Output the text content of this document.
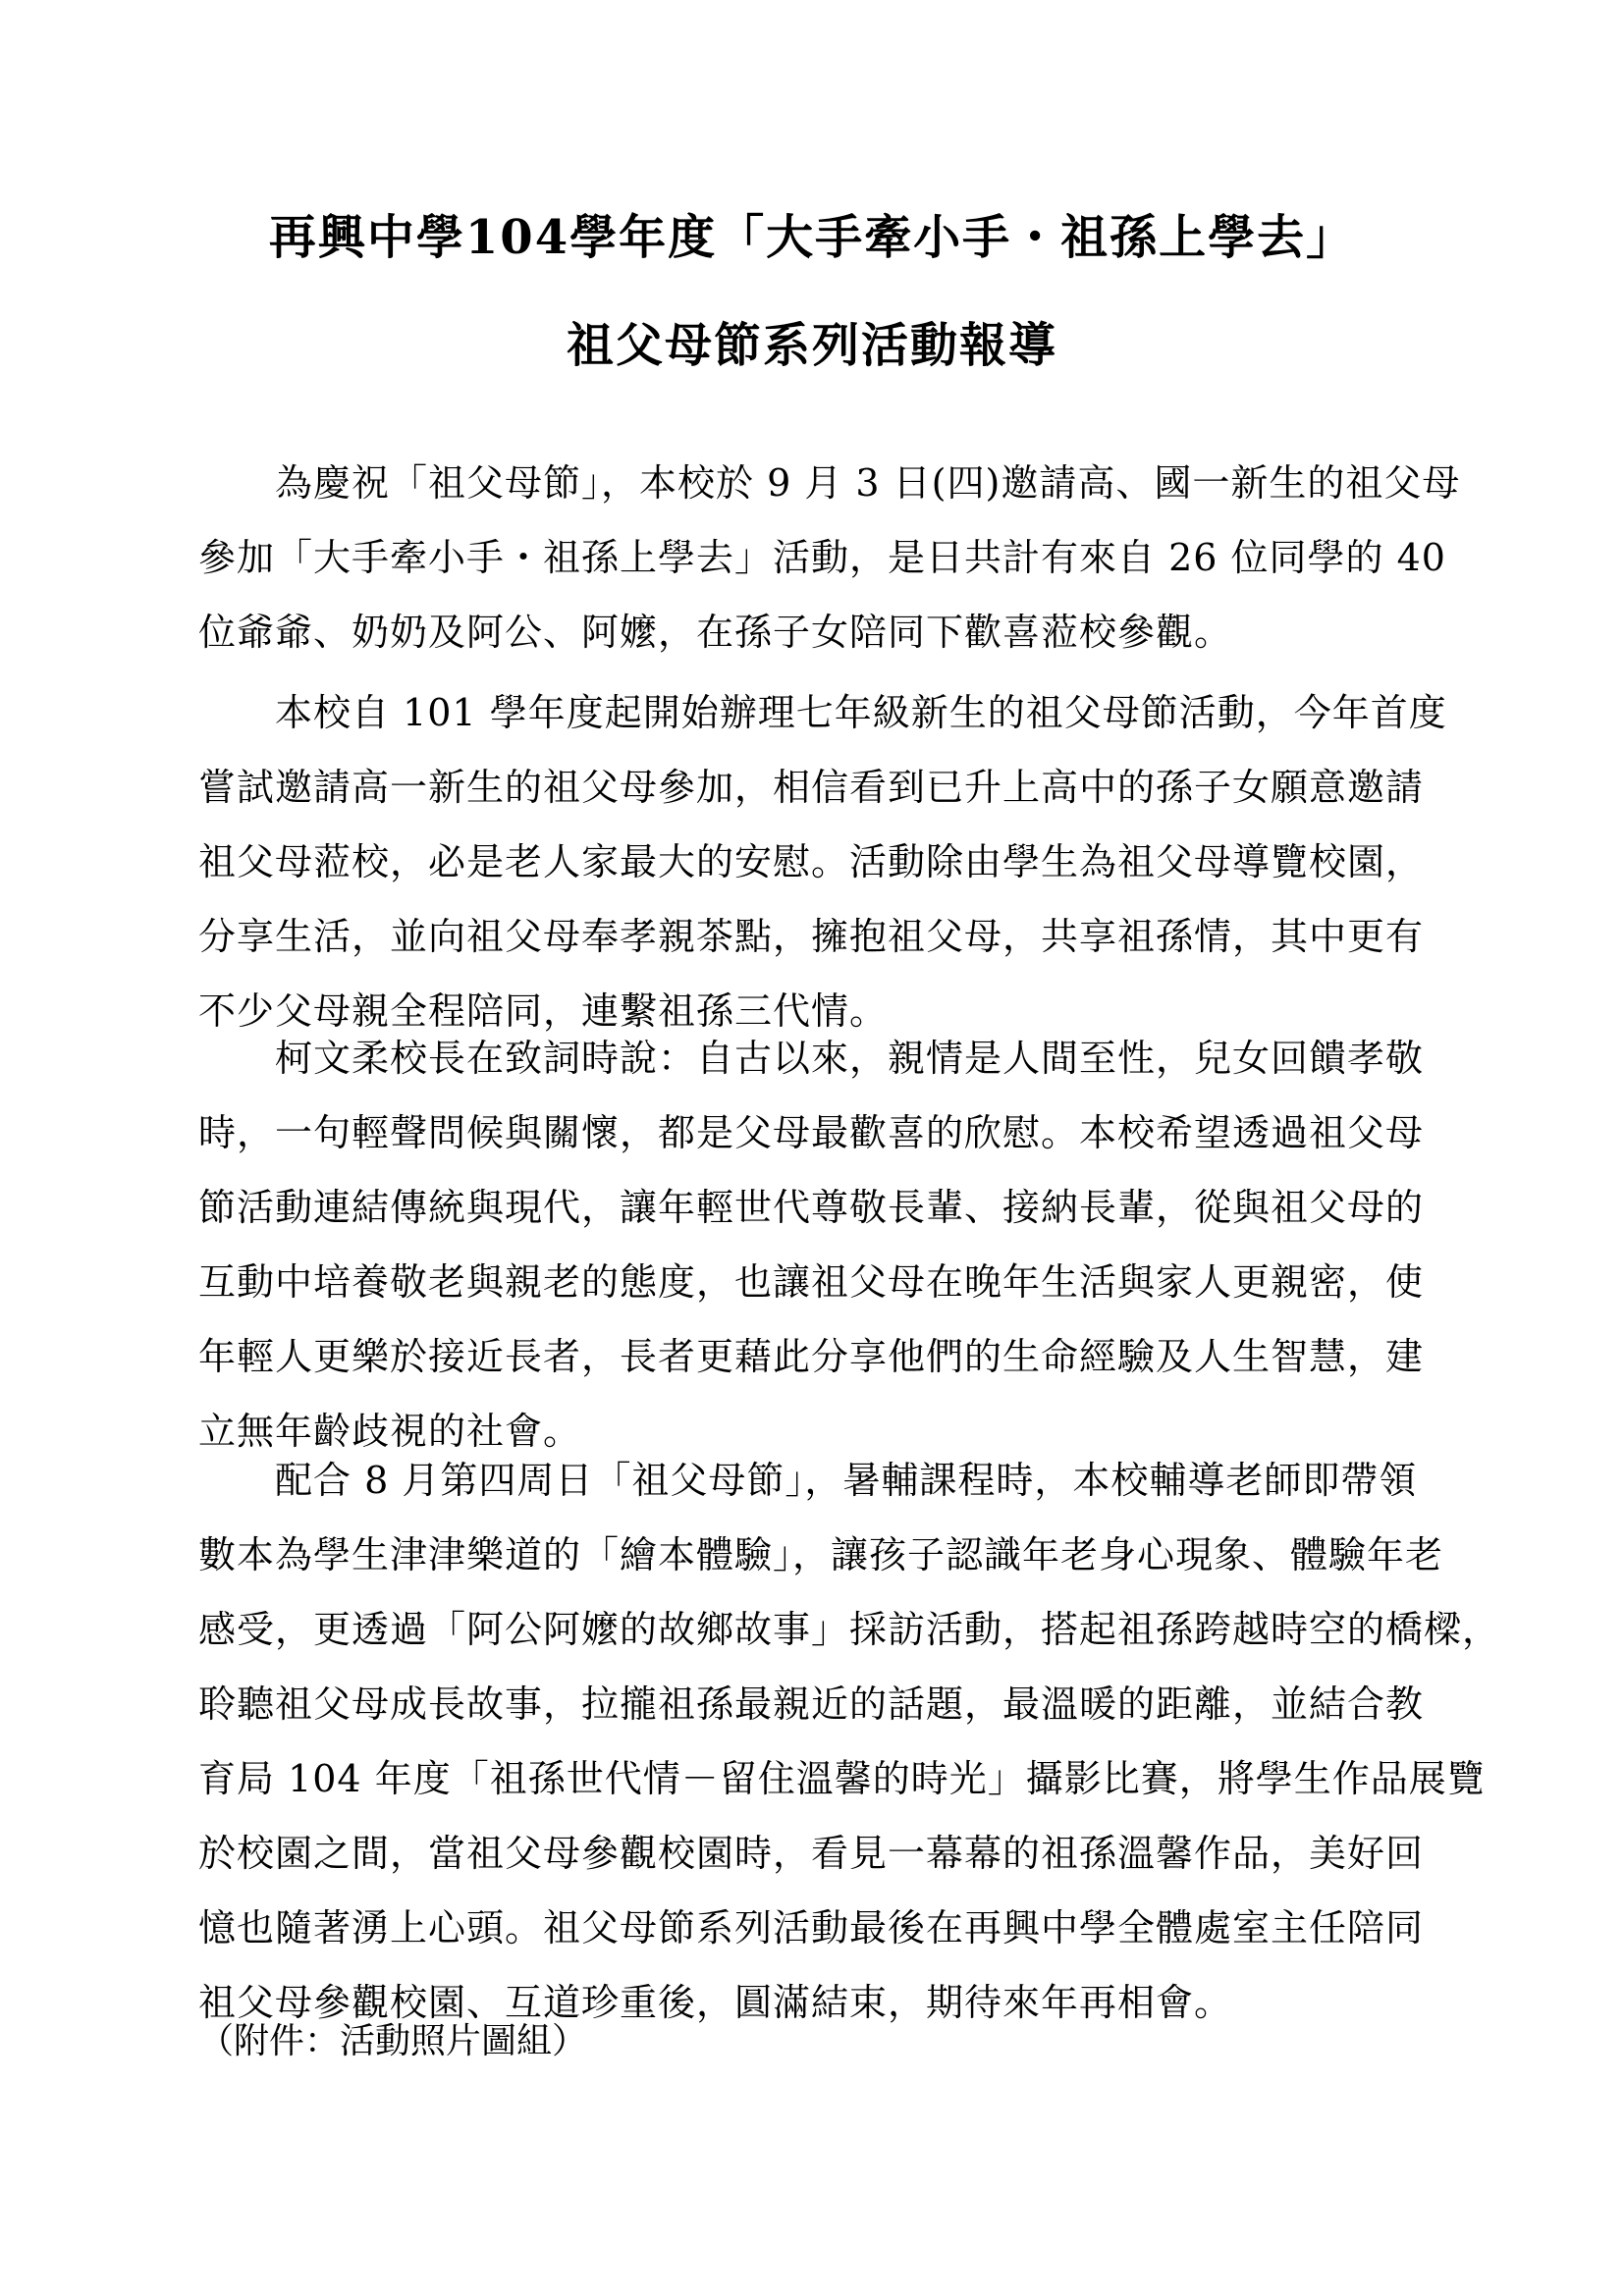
再興中學104學年度「大手牽小手・祖孫上學去」
祖父母節系列活動報導
　　為慶祝「祖父母節」，本校於 9 月 3 日(四)邀請高、國一新生的祖父母
參加「大手牽小手・祖孫上學去」活動，是日共計有來自 26 位同學的 40
位爺爺、奶奶及阿公、阿嬤，在孫子女陪同下歡喜蒞校參觀。
　　本校自 101 學年度起開始辦理七年級新生的祖父母節活動，今年首度
嘗試邀請高一新生的祖父母參加，相信看到已升上高中的孫子女願意邀請
祖父母蒞校，必是老人家最大的安慰。活動除由學生為祖父母導覽校園，
分享生活，並向祖父母奉孝親茶點，擁抱祖父母，共享祖孫情，其中更有
不少父母親全程陪同，連繫祖孫三代情。
　　柯文柔校長在致詞時說：自古以來，親情是人間至性，兒女回饋孝敬
時，一句輕聲問候與關懷，都是父母最歡喜的欣慰。本校希望透過祖父母
節活動連結傳統與現代，讓年輕世代尊敬長輩、接納長輩，從與祖父母的
互動中培養敬老與親老的態度，也讓祖父母在晚年生活與家人更親密，使
年輕人更樂於接近長者，長者更藉此分享他們的生命經驗及人生智慧，建
立無年齡歧視的社會。
　　配合 8 月第四周日「祖父母節」，暑輔課程時，本校輔導老師即帶領
數本為學生津津樂道的「繪本體驗」，讓孩子認識年老身心現象、體驗年老
感受，更透過「阿公阿嬤的故鄉故事」採訪活動，搭起祖孫跨越時空的橋樑，
聆聽祖父母成長故事，拉攏祖孫最親近的話題，最溫暖的距離，並結合教
育局 104 年度「祖孫世代情－留住溫馨的時光」攝影比賽，將學生作品展覽
於校園之間，當祖父母參觀校園時，看見一幕幕的祖孫溫馨作品，美好回
憶也隨著湧上心頭。祖父母節系列活動最後在再興中學全體處室主任陪同
祖父母參觀校園、互道珍重後，圓滿結束，期待來年再相會。
（附件：活動照片圖組）
